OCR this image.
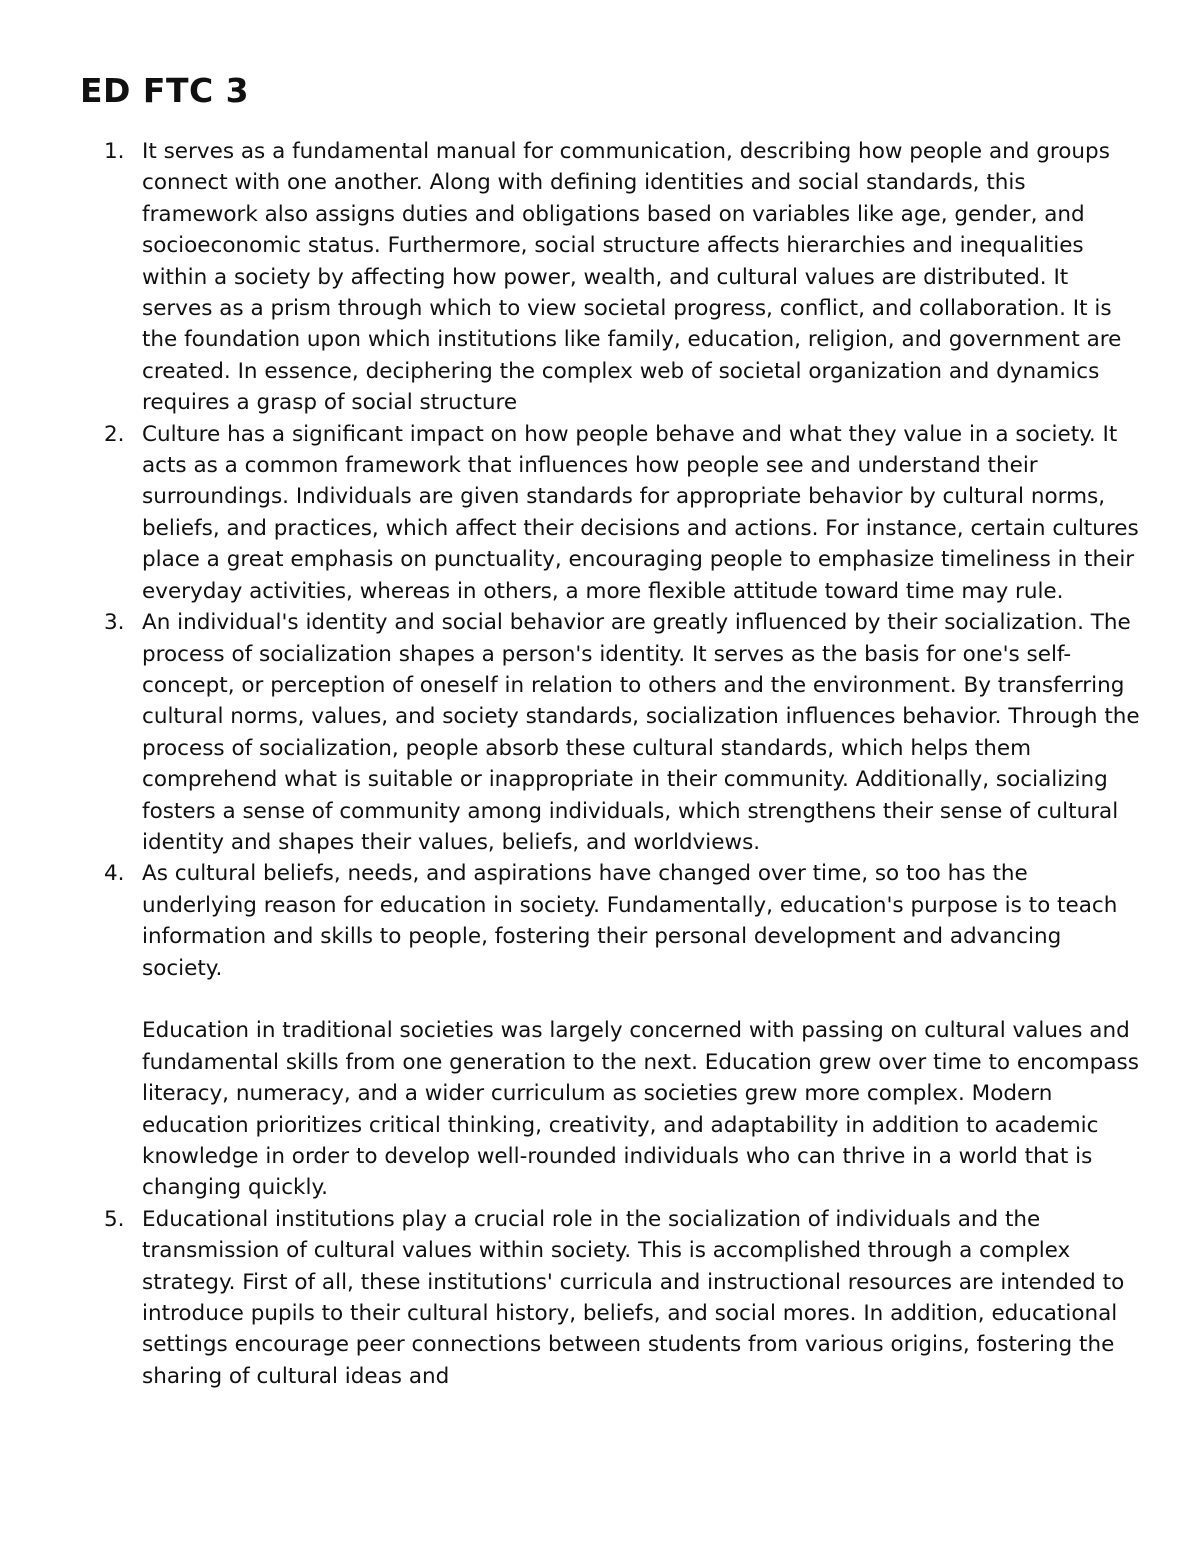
ED FTC 3
1. It serves as a fundamental manual for communication, describing how people and groups connect with one another. Along with defining identities and social standards, this framework also assigns duties and obligations based on variables like age, gender, and socioeconomic status. Furthermore, social structure affects hierarchies and inequalities within a society by affecting how power, wealth, and cultural values are distributed. It serves as a prism through which to view societal progress, conflict, and collaboration. It is the foundation upon which institutions like family, education, religion, and government are created. In essence, deciphering the complex web of societal organization and dynamics requires a grasp of social structure

2. Culture has a significant impact on how people behave and what they value in a society. It acts as a common framework that influences how people see and understand their surroundings. Individuals are given standards for appropriate behavior by cultural norms, beliefs, and practices, which affect their decisions and actions. For instance, certain cultures place a great emphasis on punctuality, encouraging people to emphasize timeliness in their everyday activities, whereas in others, a more flexible attitude toward time may rule.

3. An individual's identity and social behavior are greatly influenced by their socialization. The process of socialization shapes a person's identity. It serves as the basis for one's self-concept, or perception of oneself in relation to others and the environment. By transferring cultural norms, values, and society standards, socialization influences behavior. Through the process of socialization, people absorb these cultural standards, which helps them comprehend what is suitable or inappropriate in their community. Additionally, socializing fosters a sense of community among individuals, which strengthens their sense of cultural identity and shapes their values, beliefs, and worldviews.

4. As cultural beliefs, needs, and aspirations have changed over time, so too has the underlying reason for education in society. Fundamentally, education's purpose is to teach information and skills to people, fostering their personal development and advancing society.

Education in traditional societies was largely concerned with passing on cultural values and fundamental skills from one generation to the next. Education grew over time to encompass literacy, numeracy, and a wider curriculum as societies grew more complex. Modern education prioritizes critical thinking, creativity, and adaptability in addition to academic knowledge in order to develop well-rounded individuals who can thrive in a world that is changing quickly.

5. Educational institutions play a crucial role in the socialization of individuals and the transmission of cultural values within society. This is accomplished through a complex strategy. First of all, these institutions' curricula and instructional resources are intended to introduce pupils to their cultural history, beliefs, and social mores. In addition, educational settings encourage peer connections between students from various origins, fostering the sharing of cultural ideas and
